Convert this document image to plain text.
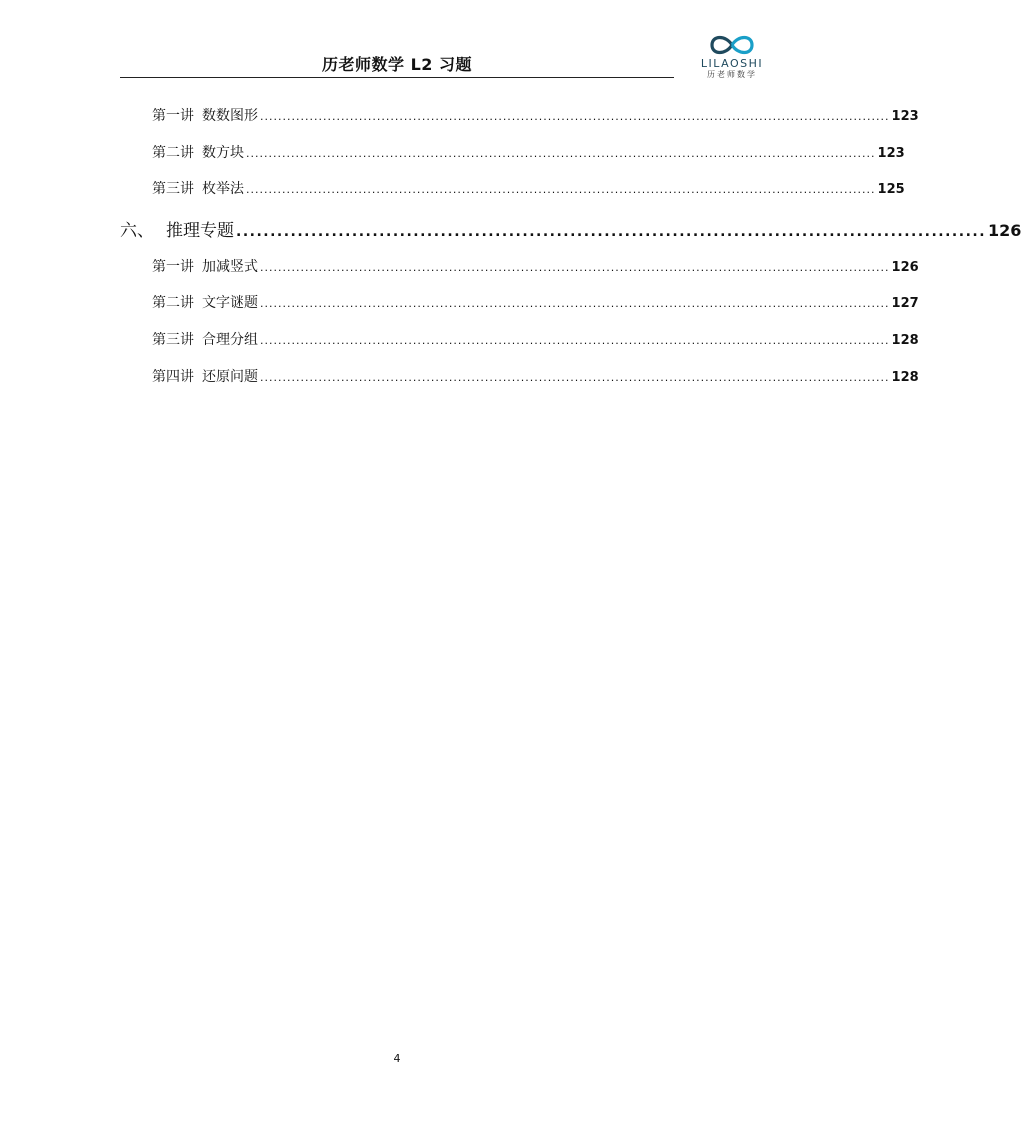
历老师数学 L2 习题	LILAOSHI
历老师数学
第一讲 数数图形 ............................................................................................................................................ 123
第二讲 数方块 ............................................................................................................................................ 123
第三讲 枚举法 ............................................................................................................................................ 125
六、 推理专题 .............................................................................................................. 126
第一讲 加减竖式 ............................................................................................................................................ 126
第二讲 文字谜题 ............................................................................................................................................ 127
第三讲 合理分组 ............................................................................................................................................ 128
第四讲 还原问题 ............................................................................................................................................ 128
4
